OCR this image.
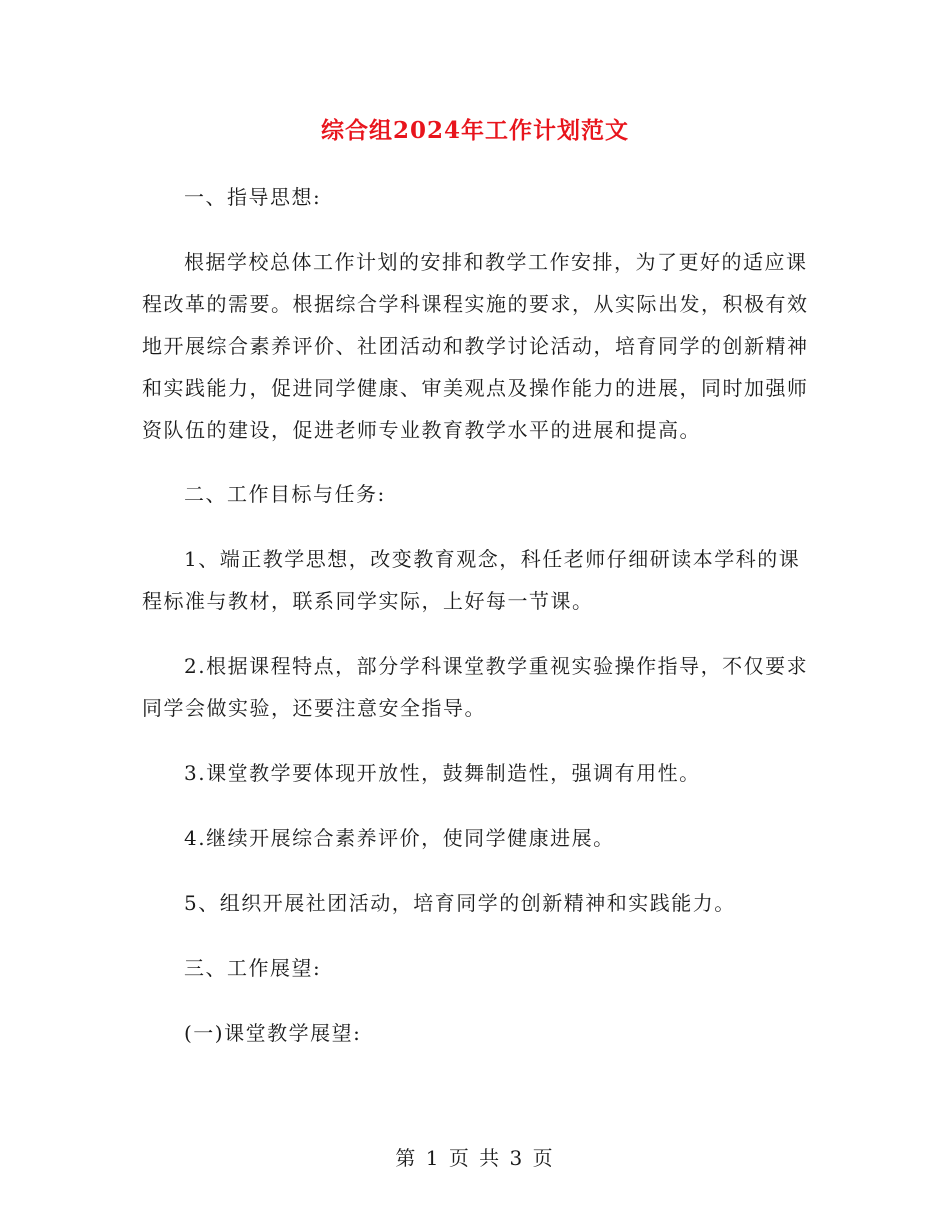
综合组2024年工作计划范文
一、指导思想:
根据学校总体工作计划的安排和教学工作安排，为了更好的适应课程改革的需要。根据综合学科课程实施的要求，从实际出发，积极有效地开展综合素养评价、社团活动和教学讨论活动，培育同学的创新精神和实践能力，促进同学健康、审美观点及操作能力的进展，同时加强师资队伍的建设，促进老师专业教育教学水平的进展和提高。
二、工作目标与任务:
1、端正教学思想，改变教育观念，科任老师仔细研读本学科的课程标准与教材，联系同学实际，上好每一节课。
2.根据课程特点，部分学科课堂教学重视实验操作指导，不仅要求同学会做实验，还要注意安全指导。
3.课堂教学要体现开放性，鼓舞制造性，强调有用性。
4.继续开展综合素养评价，使同学健康进展。
5、组织开展社团活动，培育同学的创新精神和实践能力。
三、工作展望:
(一)课堂教学展望:
第 1 页 共 3 页
